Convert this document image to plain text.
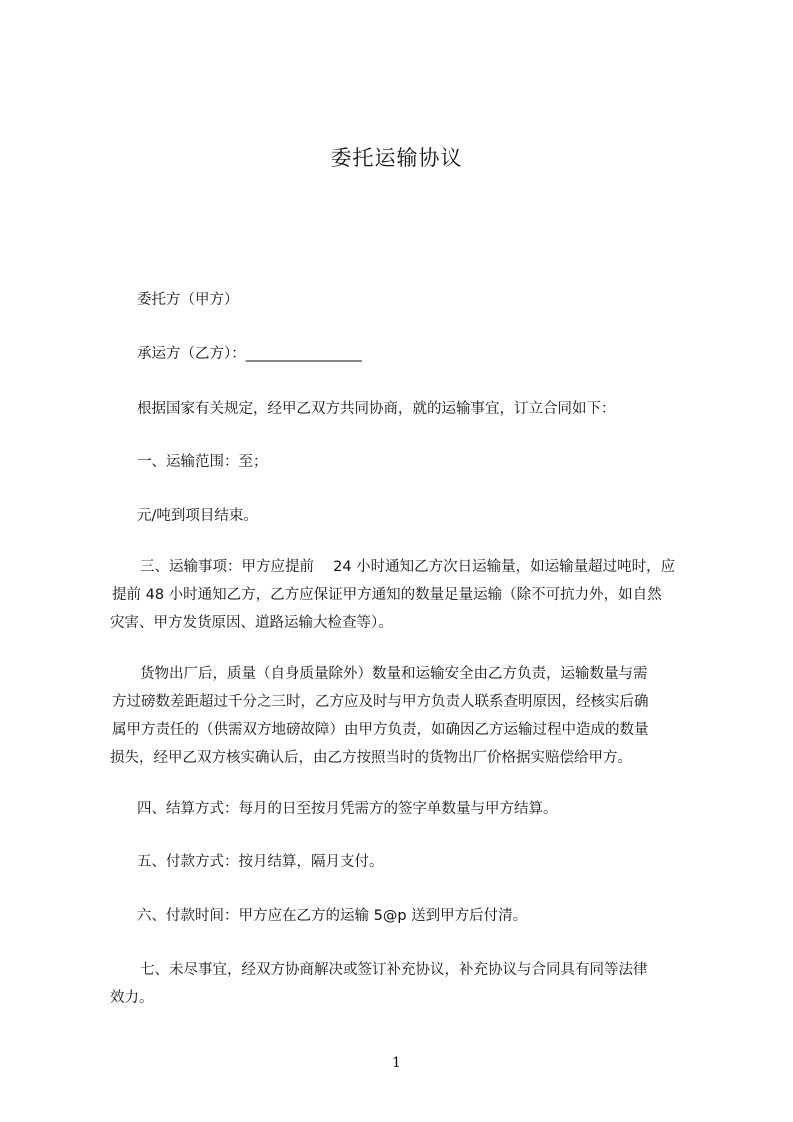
委托运输协议
委托方（甲方）
承运方（乙方）：________________
根据国家有关规定，经甲乙双方共同协商，就的运输事宜，订立合同如下：
一、运输范围：至；
元/吨到项目结束。
三、运输事项：甲方应提前　 24 小时通知乙方次日运输量，如运输量超过吨时，应
提前 48 小时通知乙方，乙方应保证甲方通知的数量足量运输（除不可抗力外，如自然
灾害、甲方发货原因、道路运输大检查等）。
货物出厂后，质量（自身质量除外）数量和运输安全由乙方负责，运输数量与需
方过磅数差距超过千分之三时，乙方应及时与甲方负责人联系查明原因，经核实后确
属甲方责任的（供需双方地磅故障）由甲方负责，如确因乙方运输过程中造成的数量
损失，经甲乙双方核实确认后，由乙方按照当时的货物出厂价格据实赔偿给甲方。
四、结算方式：每月的日至按月凭需方的签字单数量与甲方结算。
五、付款方式：按月结算，隔月支付。
六、付款时间：甲方应在乙方的运输 5@p 送到甲方后付清。
七、未尽事宜，经双方协商解决或签订补充协议，补充协议与合同具有同等法律
效力。
1
